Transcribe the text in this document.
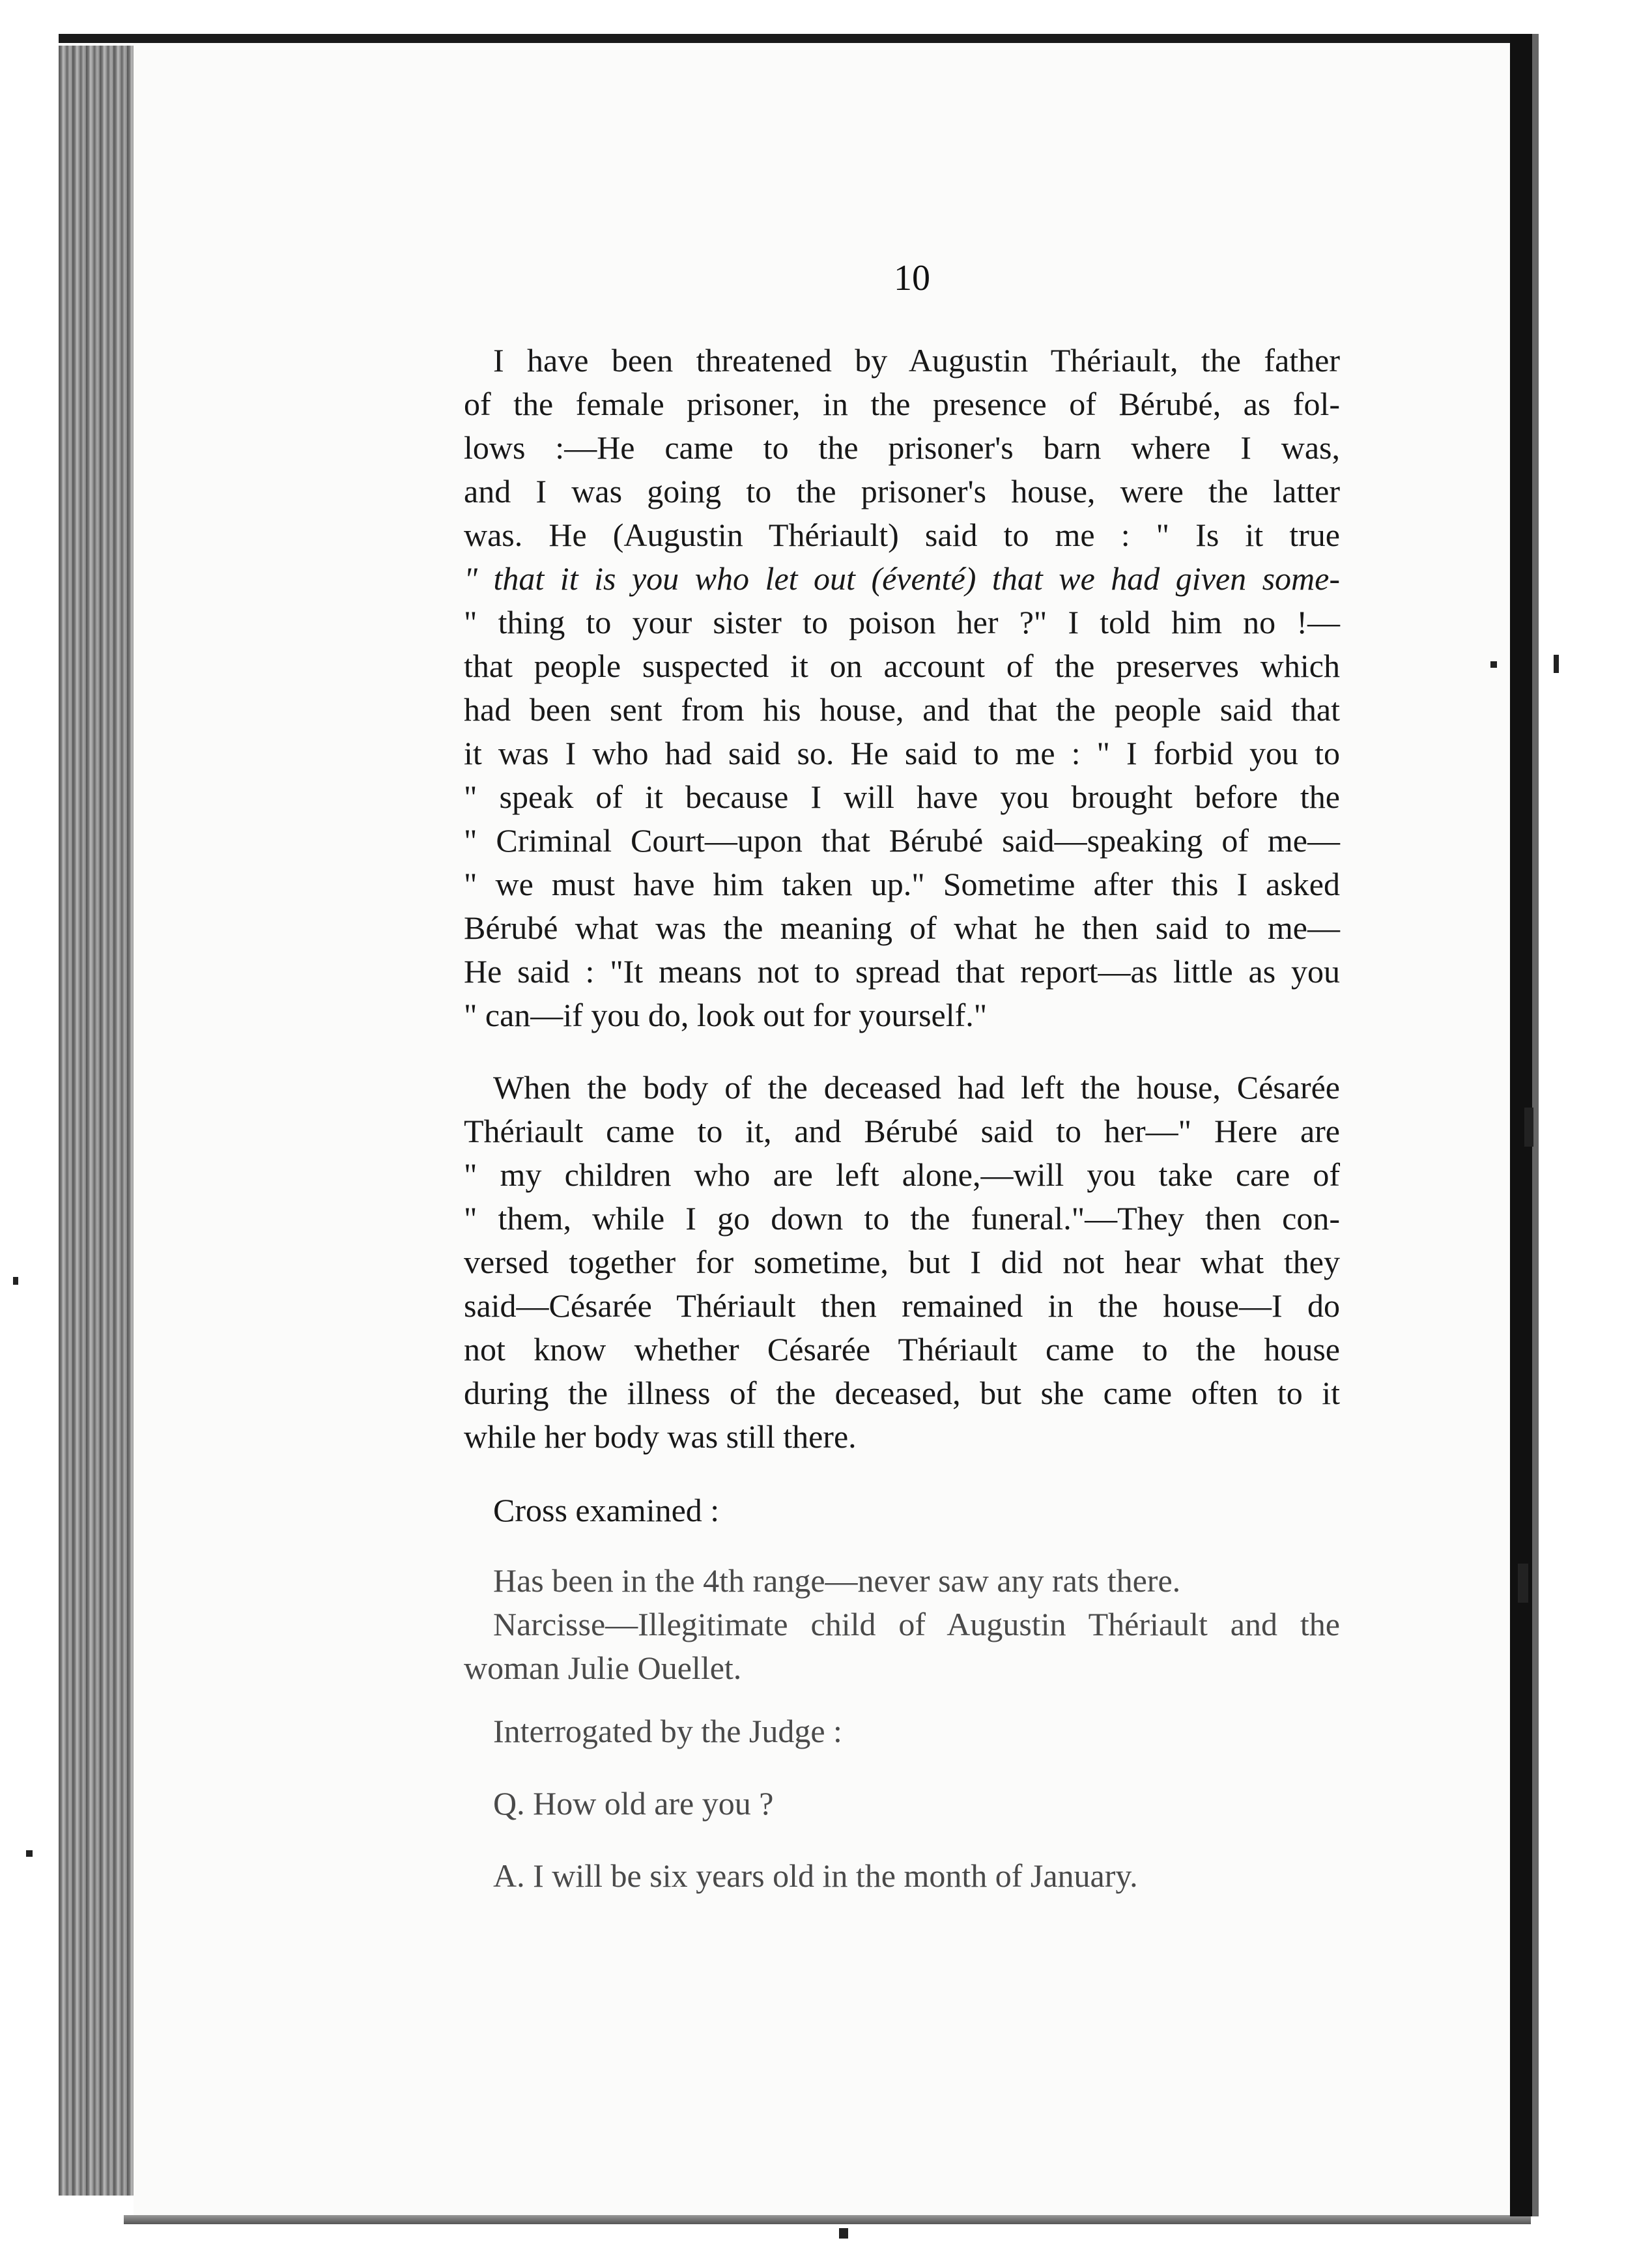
10
I have been threatened by Augustin Thériault, the father
of the female prisoner, in the presence of Bérubé, as fol-
lows :—He came to the prisoner's barn where I was,
and I was going to the prisoner's house, were the latter
was. He (Augustin Thériault) said to me : " Is it true
" that it is you who let out (éventé) that we had given some-
" thing to your sister to poison her ?" I told him no !—
that people suspected it on account of the preserves which
had been sent from his house, and that the people said that
it was I who had said so. He said to me : " I forbid you to
" speak of it because I will have you brought before the
" Criminal Court—upon that Bérubé said—speaking of me—
" we must have him taken up." Sometime after this I asked
Bérubé what was the meaning of what he then said to me—
He said : "It means not to spread that report—as little as you
" can—if you do, look out for yourself."
When the body of the deceased had left the house, Césarée
Thériault came to it, and Bérubé said to her—" Here are
" my children who are left alone,—will you take care of
" them, while I go down to the funeral."—They then con-
versed together for sometime, but I did not hear what they
said—Césarée Thériault then remained in the house—I do
not know whether Césarée Thériault came to the house
during the illness of the deceased, but she came often to it
while her body was still there.
Cross examined :
Has been in the 4th range—never saw any rats there.
Narcisse—Illegitimate child of Augustin Thériault and the
woman Julie Ouellet.
Interrogated by the Judge :
Q. How old are you ?
A. I will be six years old in the month of January.
